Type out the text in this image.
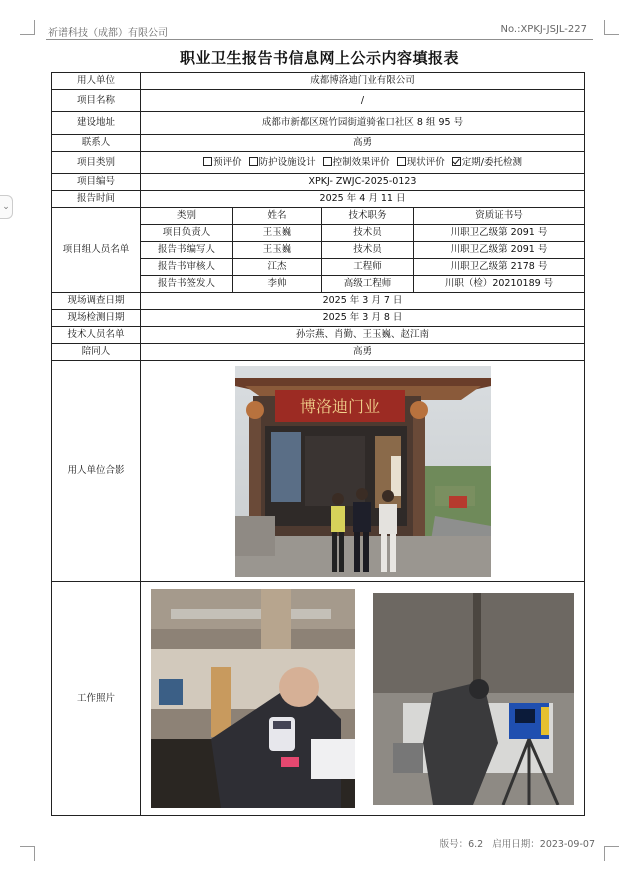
⌄
祈谱科技（成都）有限公司	No.:XPKJ-JSJL-227
职业卫生报告书信息网上公示内容填报表
用人单位	成都博洛迪门业有限公司			
项目名称	/			
建设地址	成都市新都区斑竹园街道骑雀口社区 8 组 95 号			
联系人	高勇			
项目类别	预评价 防护设施设计 控制效果评价 现状评价 定期/委托检测			
项目编号	XPKJ- ZWJC-2025-0123			
报告时间	2025 年 4 月 11 日			
项目组人员名单	类别	姓名	技术职务	资质证书号
	项目负责人	王玉巍	技术员	川职卫乙级第 2091 号
	报告书编写人	王玉巍	技术员	川职卫乙级第 2091 号
	报告书审核人	江杰	工程师	川职卫乙级第 2178 号
	报告书签发人	李帅	高级工程师	川职（检）20210189 号
现场调查日期	2025 年 3 月 7 日			
现场检测日期	2025 年 3 月 8 日			
技术人员名单	孙宗燕、肖勤、王玉巍、赵江南			
陪同人	高勇			
用人单位合影	博洛迪门业			

工作照片	
版号：6.2 启用日期：2023-09-07
